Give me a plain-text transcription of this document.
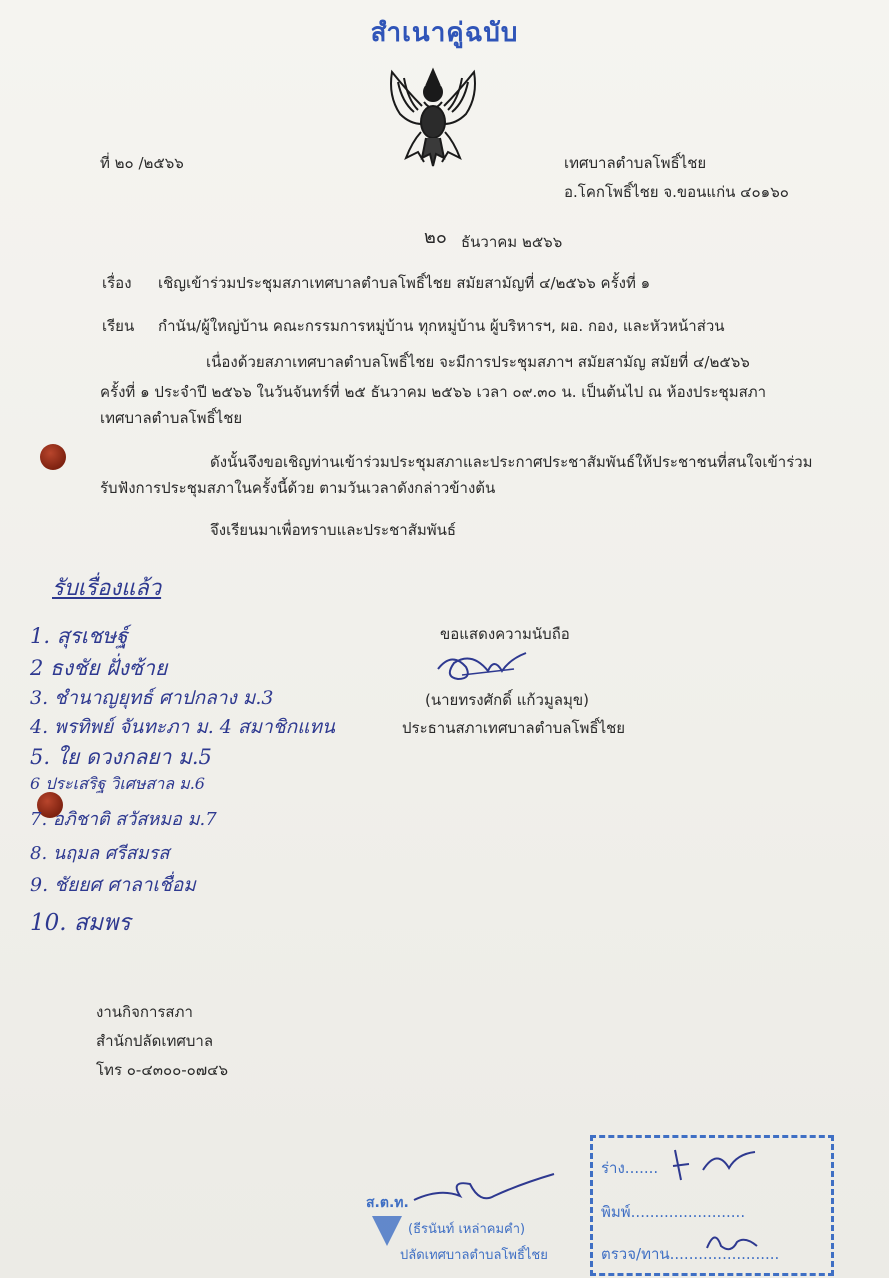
สำเนาคู่ฉบับ
ที่ ๒๐ /๒๕๖๖	เทศบาลตำบลโพธิ์ไชย
อ.โคกโพธิ์ไชย จ.ขอนแก่น ๔๐๑๖๐
๒๐ ธันวาคม ๒๕๖๖
เรื่อง เชิญเข้าร่วมประชุมสภาเทศบาลตำบลโพธิ์ไชย สมัยสามัญที่ ๔/๒๕๖๖ ครั้งที่ ๑
เรียน กำนัน/ผู้ใหญ่บ้าน คณะกรรมการหมู่บ้าน ทุกหมู่บ้าน ผู้บริหารฯ, ผอ. กอง, และหัวหน้าส่วน
เนื่องด้วยสภาเทศบาลตำบลโพธิ์ไชย จะมีการประชุมสภาฯ สมัยสามัญ สมัยที่ ๔/๒๕๖๖
ครั้งที่ ๑ ประจำปี ๒๕๖๖ ในวันจันทร์ที่ ๒๕ ธันวาคม ๒๕๖๖ เวลา ๐๙.๓๐ น. เป็นต้นไป ณ ห้องประชุมสภา
เทศบาลตำบลโพธิ์ไชย
ดังนั้นจึงขอเชิญท่านเข้าร่วมประชุมสภาและประกาศประชาสัมพันธ์ให้ประชาชนที่สนใจเข้าร่วม
รับฟังการประชุมสภาในครั้งนี้ด้วย ตามวันเวลาดังกล่าวข้างต้น
จึงเรียนมาเพื่อทราบและประชาสัมพันธ์
รับเรื่องแล้ว
1. สุรเชษฐ์
2 ธงชัย ฝั่งซ้าย
3. ชำนาญยุทธ์ ศาปกลาง ม.3
4. พรทิพย์ จันทะภา ม. 4 สมาชิกแทน
5. ใย ดวงกลยา ม.5
6 ประเสริฐ วิเศษสาล ม.6
7. อภิชาติ สวัสหมอ ม.7
8. นฤมล ศรีสมรส
9. ชัยยศ ศาลาเชื่อม
10. สมพร
ขอแสดงความนับถือ
(นายทรงศักดิ์ แก้วมูลมุข)
ประธานสภาเทศบาลตำบลโพธิ์ไชย
งานกิจการสภา
สำนักปลัดเทศบาล
โทร ๐-๔๓๐๐-๐๗๔๖
ส.ต.ท.
(ธีรนันท์ เหล่าคมคำ)
ปลัดเทศบาลตำบลโพธิ์ไชย
ร่าง.......
พิมพ์........................
ตรวจ/ทาน.......................
